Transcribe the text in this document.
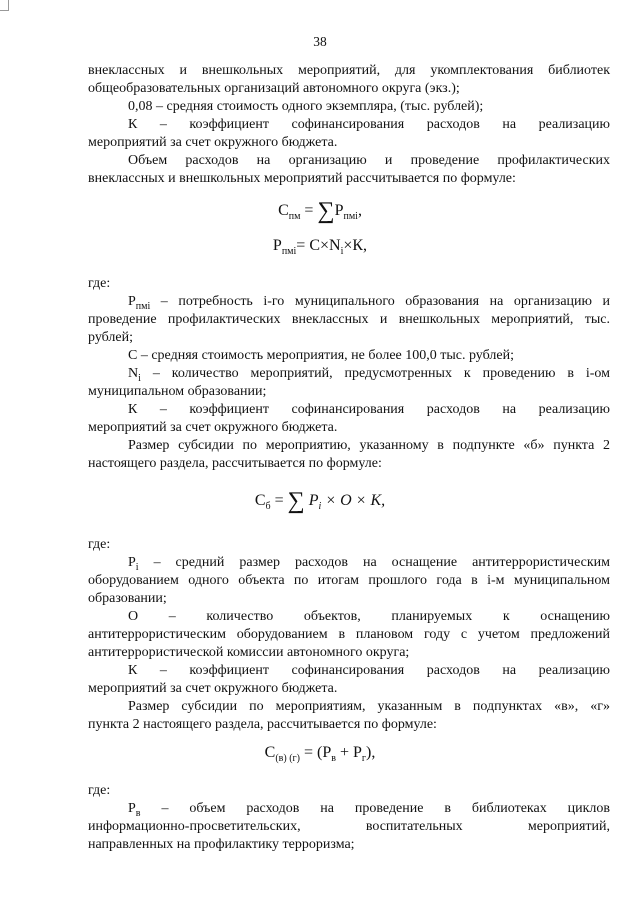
38
внеклассных и внешкольных мероприятий, для укомплектования библиотек
общеобразовательных организаций автономного округа (экз.);
0,08 – средняя стоимость одного экземпляра, (тыс. рублей);
К – коэффициент софинансирования расходов на реализацию
мероприятий за счет окружного бюджета.
Объем расходов на организацию и проведение профилактических
внеклассных и внешкольных мероприятий рассчитывается по формуле:
$С_{пм} = \sum Р_{пмi}$,
$Р_{пмi}= С\times N_i\times К$,
где:
$Р_{пмi}$ – потребность i-го муниципального образования на организацию и
проведение профилактических внеклассных и внешкольных мероприятий, тыс.
рублей;
С – средняя стоимость мероприятия, не более 100,0 тыс. рублей;
$N_i$ – количество мероприятий, предусмотренных к проведению в i-ом
муниципальном образовании;
К – коэффициент софинансирования расходов на реализацию
мероприятий за счет окружного бюджета.
Размер субсидии по мероприятию, указанному в подпункте «б» пункта 2
настоящего раздела, рассчитывается по формуле:
$С_б$ = ∑ $P_i \times O \times K$,
где:
$P_i$ – средний размер расходов на оснащение антитеррористическим
оборудованием одного объекта по итогам прошлого года в i-м муниципальном
образовании;
О – количество объектов, планируемых к оснащению
антитеррористическим оборудованием в плановом году с учетом предложений
антитеррористической комиссии автономного округа;
К – коэффициент софинансирования расходов на реализацию
мероприятий за счет окружного бюджета.
Размер субсидии по мероприятиям, указанным в подпунктах «в», «г»
пункта 2 настоящего раздела, рассчитывается по формуле:
$С_{(в) (г)} = (Р_в + Р_г)$,
где:
$Р_в$ – объем расходов на проведение в библиотеках циклов
информационно-просветительских, воспитательных мероприятий,
направленных на профилактику терроризма;
